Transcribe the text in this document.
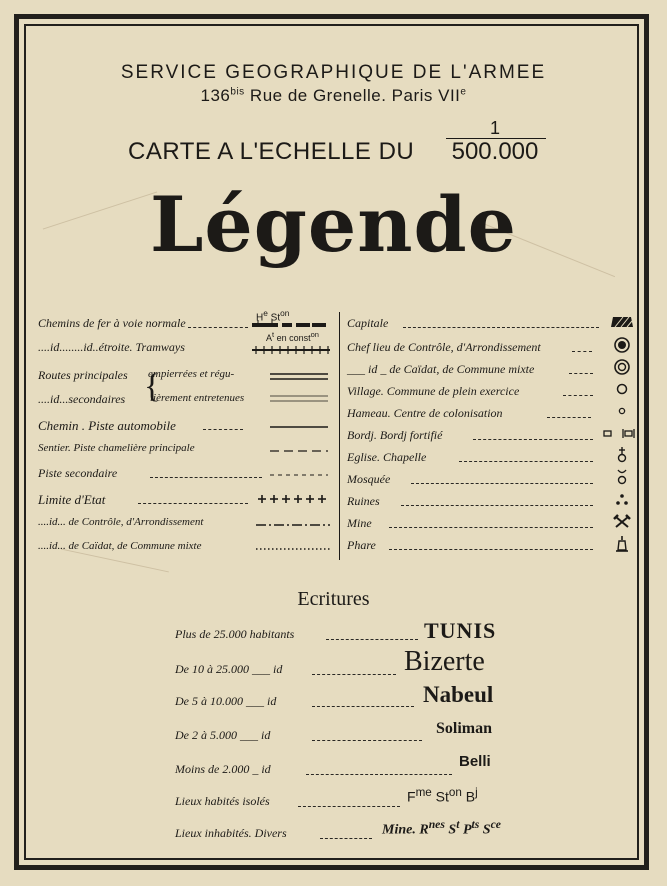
SERVICE GEOGRAPHIQUE DE L'ARMEE
$136^{bis}$ Rue de Grenelle. Paris VIIe
CARTE A L'ECHELLE DU
1
500.000
Légende
Chemins de fer à voie normale	$H^e$ $St^{on}$
....id........id..étroite. Tramways
$A^t$ en const$^{on}$
Routes principales empierrées et régu-
{
....id...secondaires lièrement entretenues
Chemin . Piste automobile
Sentier. Piste chamelière principale
Piste secondaire
Limite d'Etat
....id... de Contrôle, d'Arrondissement
....id... de Caïdat, de Commune mixte
Capitale
Chef lieu de Contrôle, d'Arrondissement
___ id _ de Caïdat, de Commune mixte
Village. Commune de plein exercice
Hameau. Centre de colonisation
Bordj. Bordj fortifié
Eglise. Chapelle
Mosquée
Ruines
Mine
Phare
Ecritures
Plus de 25.000 habitants	TUNIS
De 10 à 25.000 ___ id	Bizerte
De 5 à 10.000 ___ id	Nabeul
De 2 à 5.000 ___ id	Soliman
Moins de 2.000 _ id	Belli
Lieux habités isolés	$F^{me}$ $St^{on}$ $B^j$
Lieux inhabités. Divers	Mine. $R^{nes}$ $S^t$ $P^{ts}$ $S^{ce}$
